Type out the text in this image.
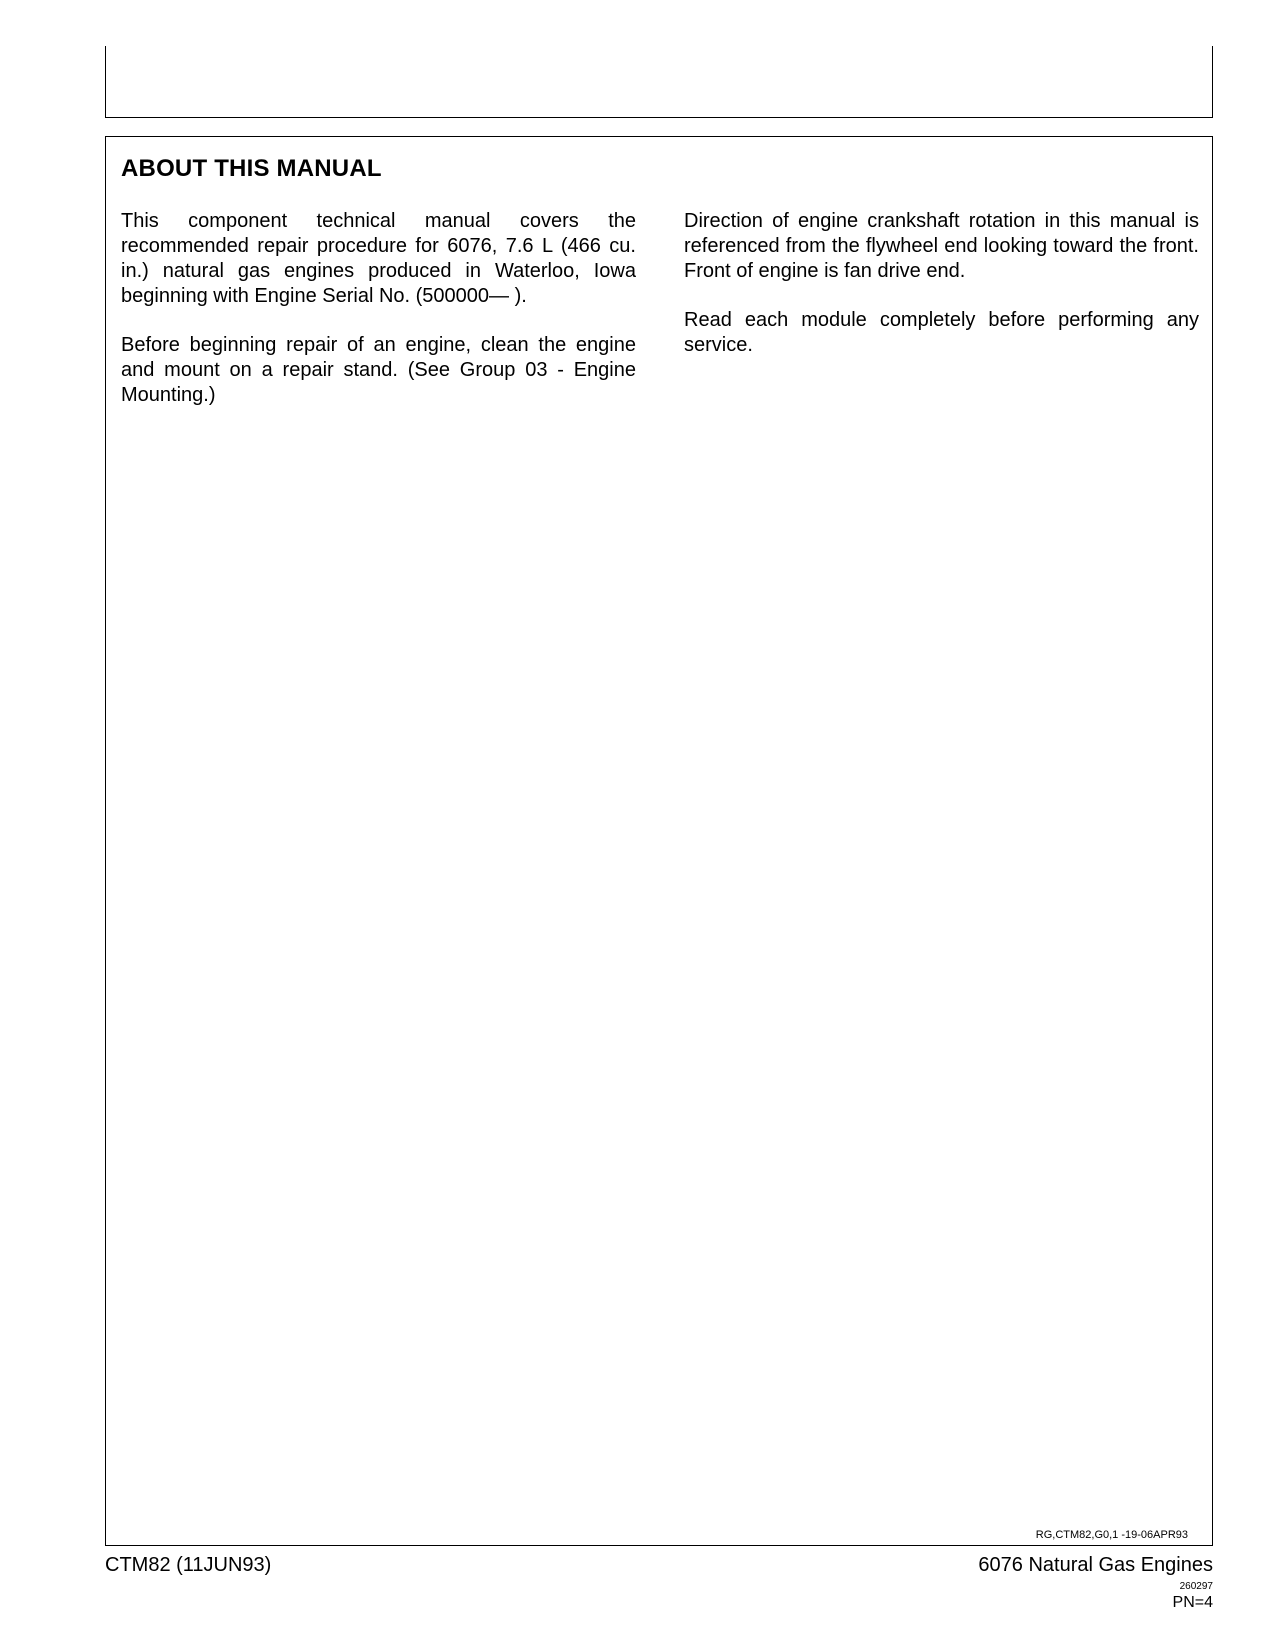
ABOUT THIS MANUAL

This component technical manual covers the recommended repair procedure for 6076, 7.6 L (466 cu. in.) natural gas engines produced in Waterloo, Iowa beginning with Engine Serial No. (500000— ).

Before beginning repair of an engine, clean the engine and mount on a repair stand. (See Group 03 - Engine Mounting.)

Direction of engine crankshaft rotation in this manual is referenced from the flywheel end looking toward the front. Front of engine is fan drive end.

Read each module completely before performing any service.

RG,CTM82,G0,1 -19-06APR93
CTM82 (11JUN93)	6076 Natural Gas Engines
260297
PN=4
